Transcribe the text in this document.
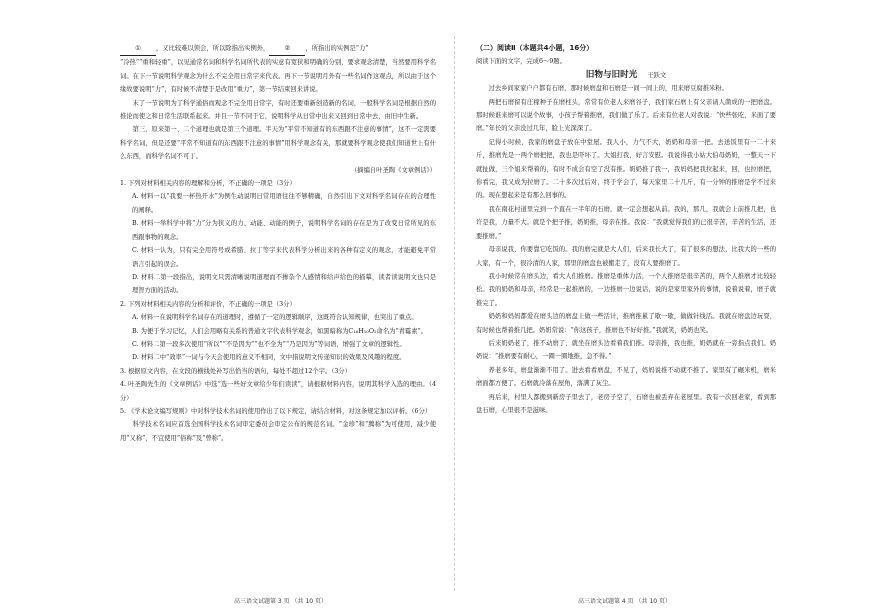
① ，又比较难以领会，所以除指出实例外， ② ，所指出的实例是“力”

“冷热”“重和轻重”，以见通常名词和科学名词所代表的实意有宽狭和明确的分别，要求观念清楚，当然要用科学名词。在下一节说明科学观念为什么不完全用日常字来代表。再下一节说明月外有一些名词作这观点，所以由于这个缘故要说明“力”，有时候不清楚于是改用“重力”，第一节结束回来讲说。

末了一节说明为了科学通俗而观念不完全用日常字，有时还要重新创造新的名词，一般科学名词是根据自然的推论而使之和日常生活联系起来。并且一节不同于它，说明科学从日常中出来又回到日常中去，由旧中生新。

第三，原来第一、二个道理也就是第三个道理。半天为“平常不知道有的东西跟不注意的事情”，这不一定需要科学名词，但是还要“平常不知道有的东西跟不注意的事情”用科学观念有关，那就要科学观念使我们知道世上有什么东西，而科学名词不可丁。

（摘编自叶圣陶《文章例话》）

1. 下列对材料相关内容的理解和分析，不正确的一项是（3分）

A. 材料一以“我要一杯热开水”为例生动说明日常用语往往不够精确，自然引出下文对科学名词存在的合理性的阐释。

B. 材料一举科学中将“力”分为狭义的力、动能、动能的例子，说明科学名词的存在是为了改变日常所见的东西跟事物的观念。

C. 材料一认为，只有完全用符号或希腊、拉丁等字来代表科学分析出来的各种有定义的观念，才能避免平常语言引起的误会。

D. 材料二第一段指出，说明文只需清晰说明道理而不掺杂个人感情和给声给色的描摹，读者读说明文也只是理智方面的活动。

2. 下列对材料相关内容的分析和评价，不正确的一项是（3分）

A. 材料一在说明科学名词存在的道理时，遵循了一定的逻辑顺序，这既符合认知规律，也突出了重点。

B. 为便于学习记忆，人们会用略有关系的普通文字代表科学观念，如黑暗称为C₁₆H₁₀O₂命名为“青霉素”。

C. 材料二第一段多次使用“所以”“不是因为”“也不全为”“乃是因为”等词语，增强了文章的逻辑性。

D. 材料二中“效率”一词与今天会使用的意义不相同，文中指说明文传递知识的效果及风趣的程度。

3. 根据原文内容，在文段的横线处补写出恰当的语句，每处不超过12个字。（3分）

4. 叶圣陶先生的《文章例话》中选“选一些好文章给少年们读读”，请根据材料内容，说明其科学入选的理由。（4分）

5. 《学术论文编写规则》中对科学技术名词的使用作出了以下规定，请结合材料，对这条规定加以评析。（6分）

科学技术名词应首选全国科学技术名词审定委员会审定公布的规范名词。“金珍”和“腾称”为可使用，减少使用“又称”，不宜使用“俗称”及“曾称”。

（二）阅读Ⅱ（本题共4小题，16分）

阅读下面的文字，完成6～9题。

旧物与旧时光 王跃文

过去乡间家家户户都有石磨，那时候磨盘和石磨是一间一间上的，用来磨豆腐推米粉。

两把石磨留有庄稼种子在磨柱头，常常有位老人来磨谷子，我们家石磨上有父亲请人凿成的一把磨盘。那时候谁来磨可以说个故事，小孩子帮着推磨，我们做了乐了。后来有位老人对我说：“快些张吃，米面了要磨。”年长的父亲没过几年，脸上光深深了。

记得小时候，我家的磨盘子放在中堂屋。我人小，力气不大，奶奶和母亲一把。去送饭里有一二十来斤，推磨先是一两个磨把把，我也是吓坏了。大姐打我，好言安慰。我说得我小姑大伯母奶奶，一整天一下就扯做，三个姐来帮着的，有时不成会有空了没有推。奶奶推了我一，我妈妈把我拉起来，回，也拉磨把，你看完，我又成为拉磨了。二十多次过后对，终于学会了，每天家里二十几斤，有一分钟的推磨是学不过来的。现在想起来是有那么回事的。

我在南花村道里完到一个直在一半年的石磨，就一定会想起从前。我的，那几，我就会上前推几把，也许是我，力量不大。就是个把子推，奶奶推，母亲在推。我说：“我就觉得我们的已很辛苦，辛苦的生活，还要推磨。”

母亲说我，你要靠它吃饭的。我的磨完就是大人们，后来我长大了，有了很多的想法，比我大的一些的人家，有一个，很冷清的人家，那里的磨盘也被搬走了，没有人要推磨了。

我小时候常在磨头边，看大人们推磨。推磨是重体力活，一个人推磨是很辛苦的，两个人推磨才比较轻松。我的奶奶和母亲，经常是一起推磨的，一边推磨一边说话，说的是家里家外的事情，说着说着，磨子就推完了。

奶奶和妈妈都爱在磨头边的磨盘上做一些活计，推磨推累了歇一歇，做做针线活。我就在磨盘边玩耍，有时候也帮着推几把。奶奶常说：“你这孩子，推磨也不好好推。”我就笑，奶奶也笑。

后来奶奶老了，推不动磨了，就坐在磨头边看着我们推。母亲推，我也推，奶奶就在一旁指点我们。奶奶说：“推磨要有耐心，一圈一圈地推，急不得。”

养老多年，磨盘渐渐不用了。进去看看磨盘，不见了，妈妈说推不动就不推了。家里有了碾米机，磨米磨面都方便了。石磨就冷落在屋角，落满了灰尘。

再后来，村里人都搬到新房子里去了，老房子空了，石磨也被丢弃在老屋里。我有一次回老家，看到那盘石磨，心里很不是滋味。

高三语文试题第 3 页 （共 10 页）	高三语文试题第 4 页 （共 10 页）
